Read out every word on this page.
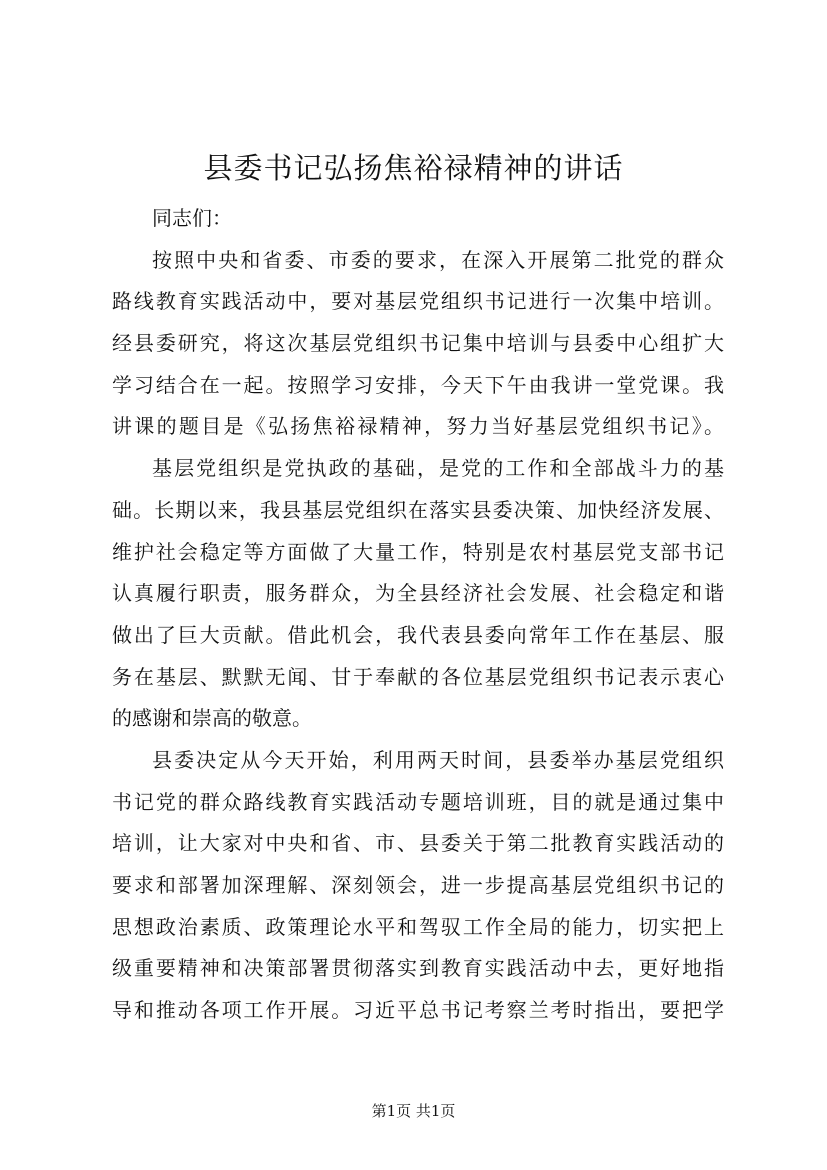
县委书记弘扬焦裕禄精神的讲话
同志们：
按照中央和省委、市委的要求，在深入开展第二批党的群众
路线教育实践活动中，要对基层党组织书记进行一次集中培训。
经县委研究，将这次基层党组织书记集中培训与县委中心组扩大
学习结合在一起。按照学习安排，今天下午由我讲一堂党课。我
讲课的题目是《弘扬焦裕禄精神，努力当好基层党组织书记》。
基层党组织是党执政的基础，是党的工作和全部战斗力的基
础。长期以来，我县基层党组织在落实县委决策、加快经济发展、
维护社会稳定等方面做了大量工作，特别是农村基层党支部书记
认真履行职责，服务群众，为全县经济社会发展、社会稳定和谐
做出了巨大贡献。借此机会，我代表县委向常年工作在基层、服
务在基层、默默无闻、甘于奉献的各位基层党组织书记表示衷心
的感谢和崇高的敬意。
县委决定从今天开始，利用两天时间，县委举办基层党组织
书记党的群众路线教育实践活动专题培训班，目的就是通过集中
培训，让大家对中央和省、市、县委关于第二批教育实践活动的
要求和部署加深理解、深刻领会，进一步提高基层党组织书记的
思想政治素质、政策理论水平和驾驭工作全局的能力，切实把上
级重要精神和决策部署贯彻落实到教育实践活动中去，更好地指
导和推动各项工作开展。习近平总书记考察兰考时指出，要把学
第1页 共1页
